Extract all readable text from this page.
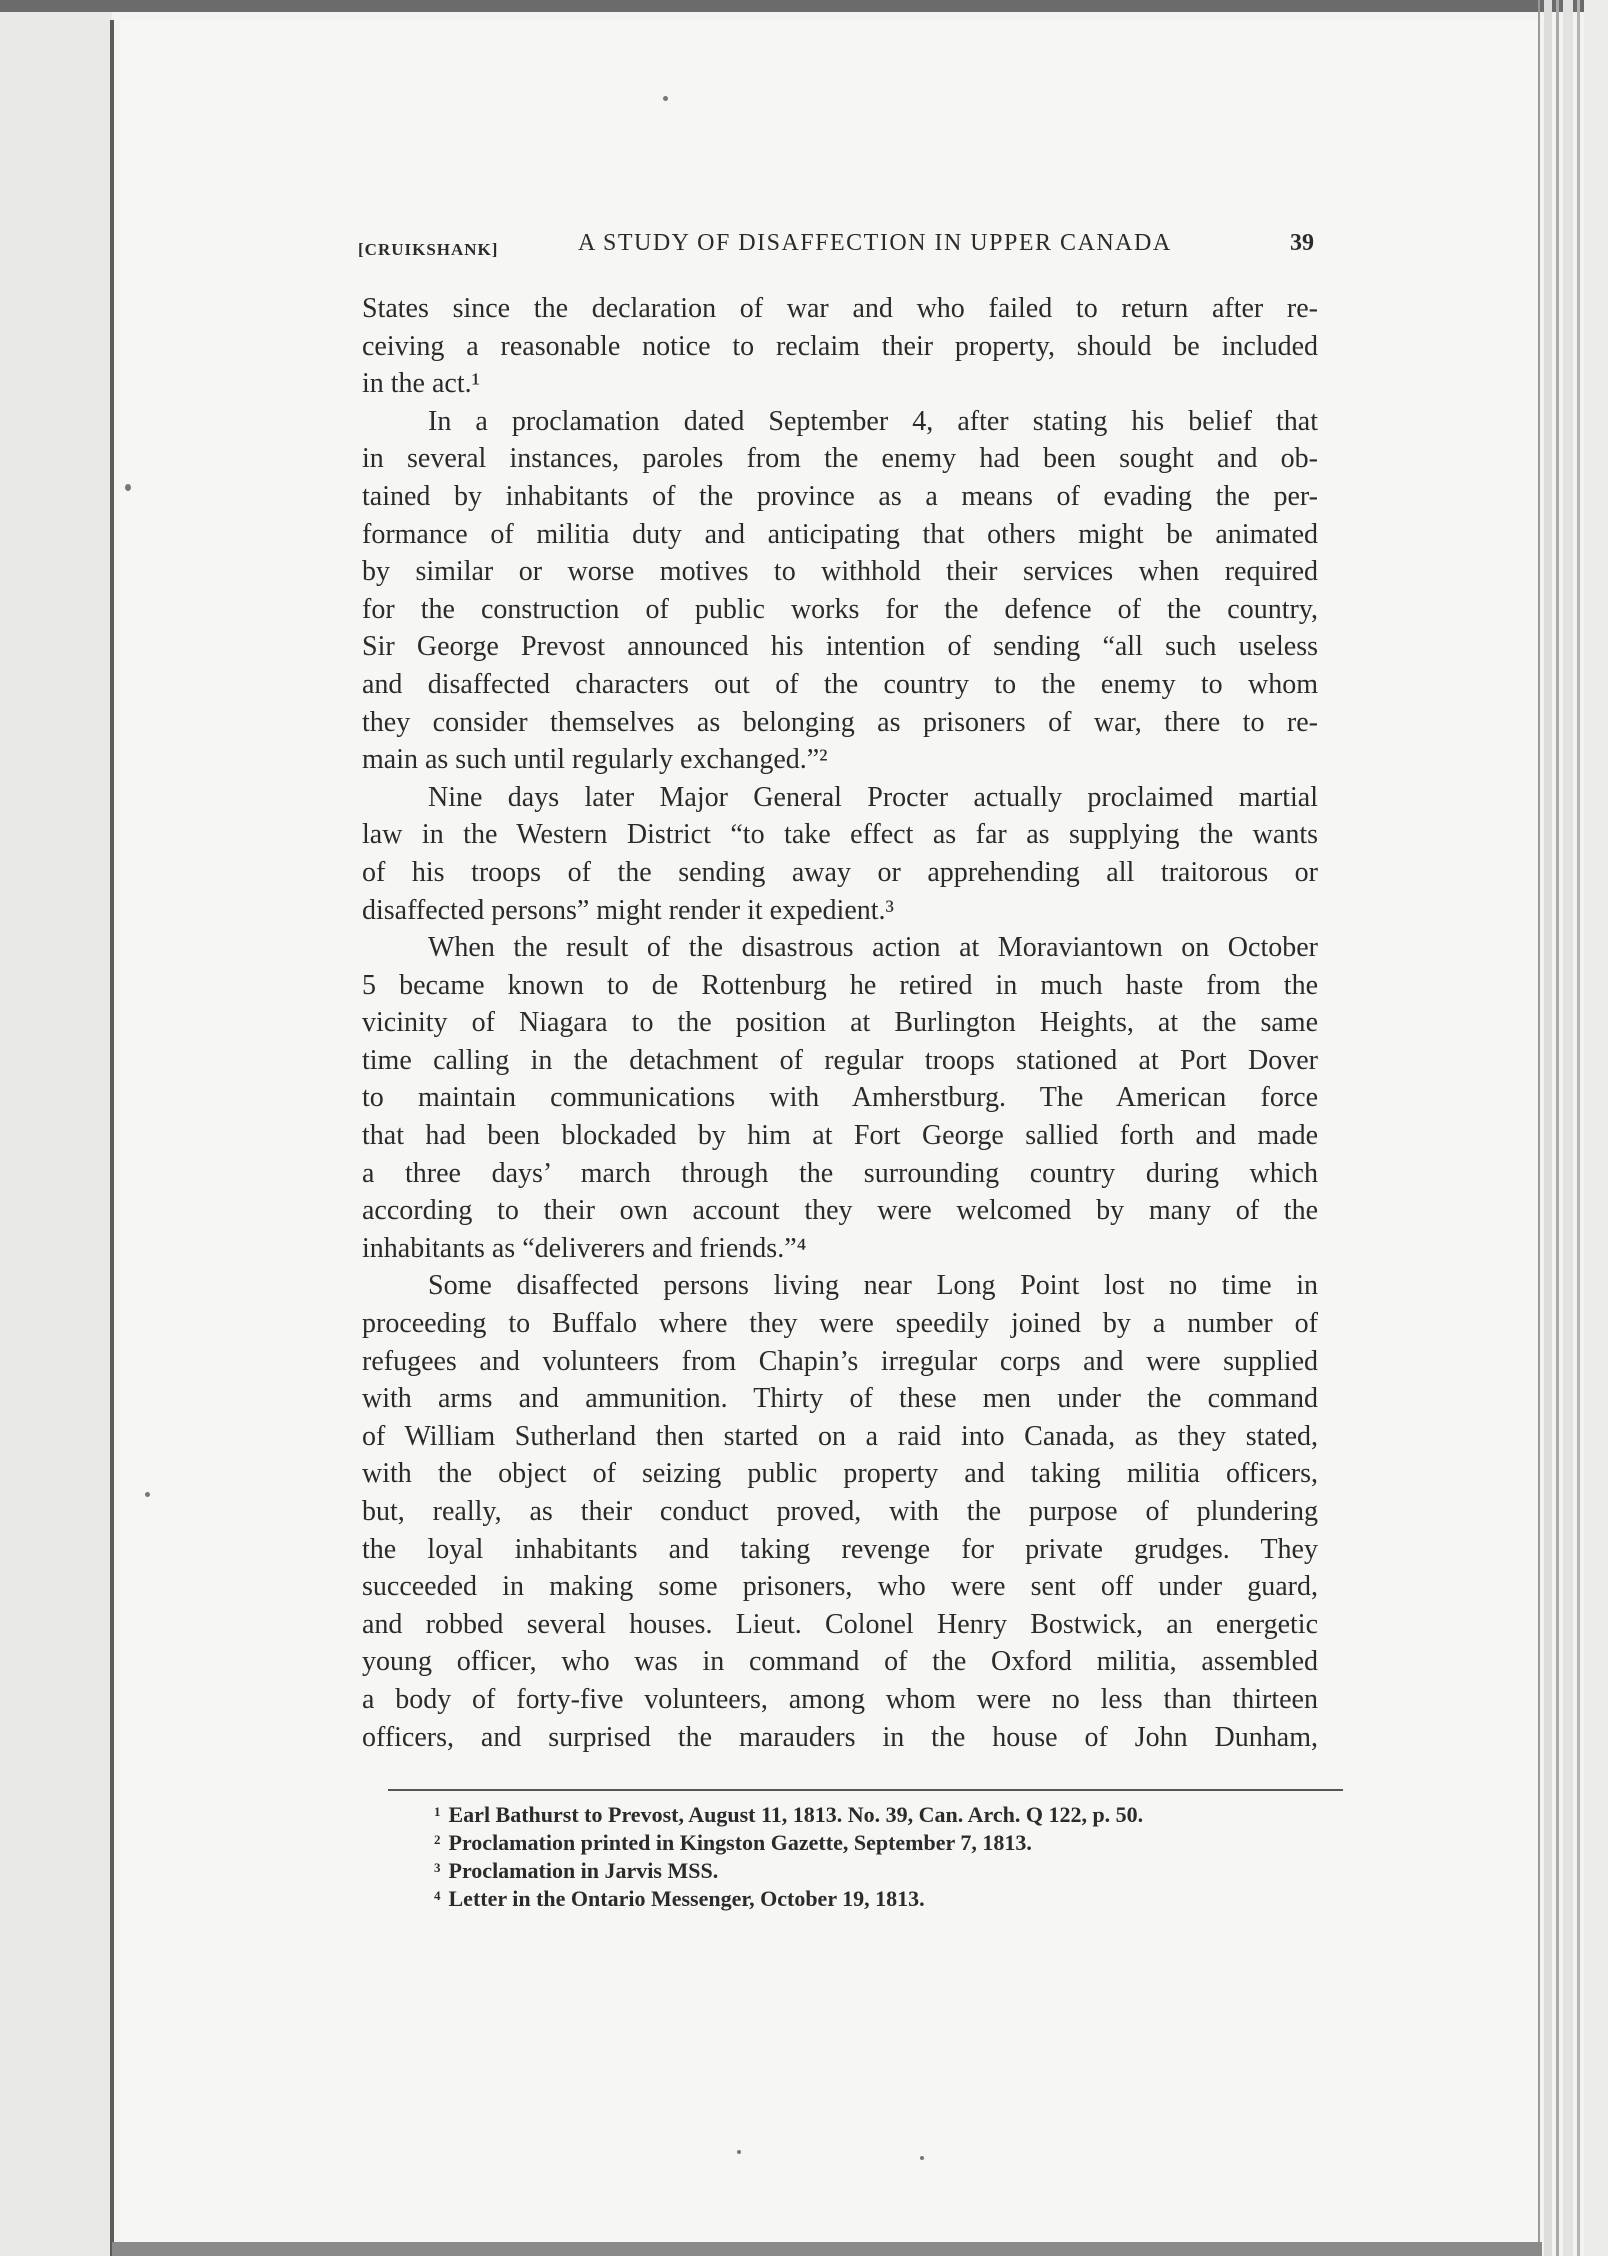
[CRUIKSHANK]	A STUDY OF DISAFFECTION IN UPPER CANADA	39
States since the declaration of war and who failed to return after re-
ceiving a reasonable notice to reclaim their property, should be included
in the act.¹
In a proclamation dated September 4, after stating his belief that
in several instances, paroles from the enemy had been sought and ob-
tained by inhabitants of the province as a means of evading the per-
formance of militia duty and anticipating that others might be animated
by similar or worse motives to withhold their services when required
for the construction of public works for the defence of the country,
Sir George Prevost announced his intention of sending “all such useless
and disaffected characters out of the country to the enemy to whom
they consider themselves as belonging as prisoners of war, there to re-
main as such until regularly exchanged.”²
Nine days later Major General Procter actually proclaimed martial
law in the Western District “to take effect as far as supplying the wants
of his troops of the sending away or apprehending all traitorous or
disaffected persons” might render it expedient.³
When the result of the disastrous action at Moraviantown on October
5 became known to de Rottenburg he retired in much haste from the
vicinity of Niagara to the position at Burlington Heights, at the same
time calling in the detachment of regular troops stationed at Port Dover
to maintain communications with Amherstburg. The American force
that had been blockaded by him at Fort George sallied forth and made
a three days’ march through the surrounding country during which
according to their own account they were welcomed by many of the
inhabitants as “deliverers and friends.”⁴
Some disaffected persons living near Long Point lost no time in
proceeding to Buffalo where they were speedily joined by a number of
refugees and volunteers from Chapin’s irregular corps and were supplied
with arms and ammunition. Thirty of these men under the command
of William Sutherland then started on a raid into Canada, as they stated,
with the object of seizing public property and taking militia officers,
but, really, as their conduct proved, with the purpose of plundering
the loyal inhabitants and taking revenge for private grudges. They
succeeded in making some prisoners, who were sent off under guard,
and robbed several houses. Lieut. Colonel Henry Bostwick, an energetic
young officer, who was in command of the Oxford militia, assembled
a body of forty-five volunteers, among whom were no less than thirteen
officers, and surprised the marauders in the house of John Dunham,
$^1$ Earl Bathurst to Prevost, August 11, 1813. No. 39, Can. Arch. Q 122, p. 50.
$^2$ Proclamation printed in Kingston Gazette, September 7, 1813.
$^3$ Proclamation in Jarvis MSS.
$^4$ Letter in the Ontario Messenger, October 19, 1813.
